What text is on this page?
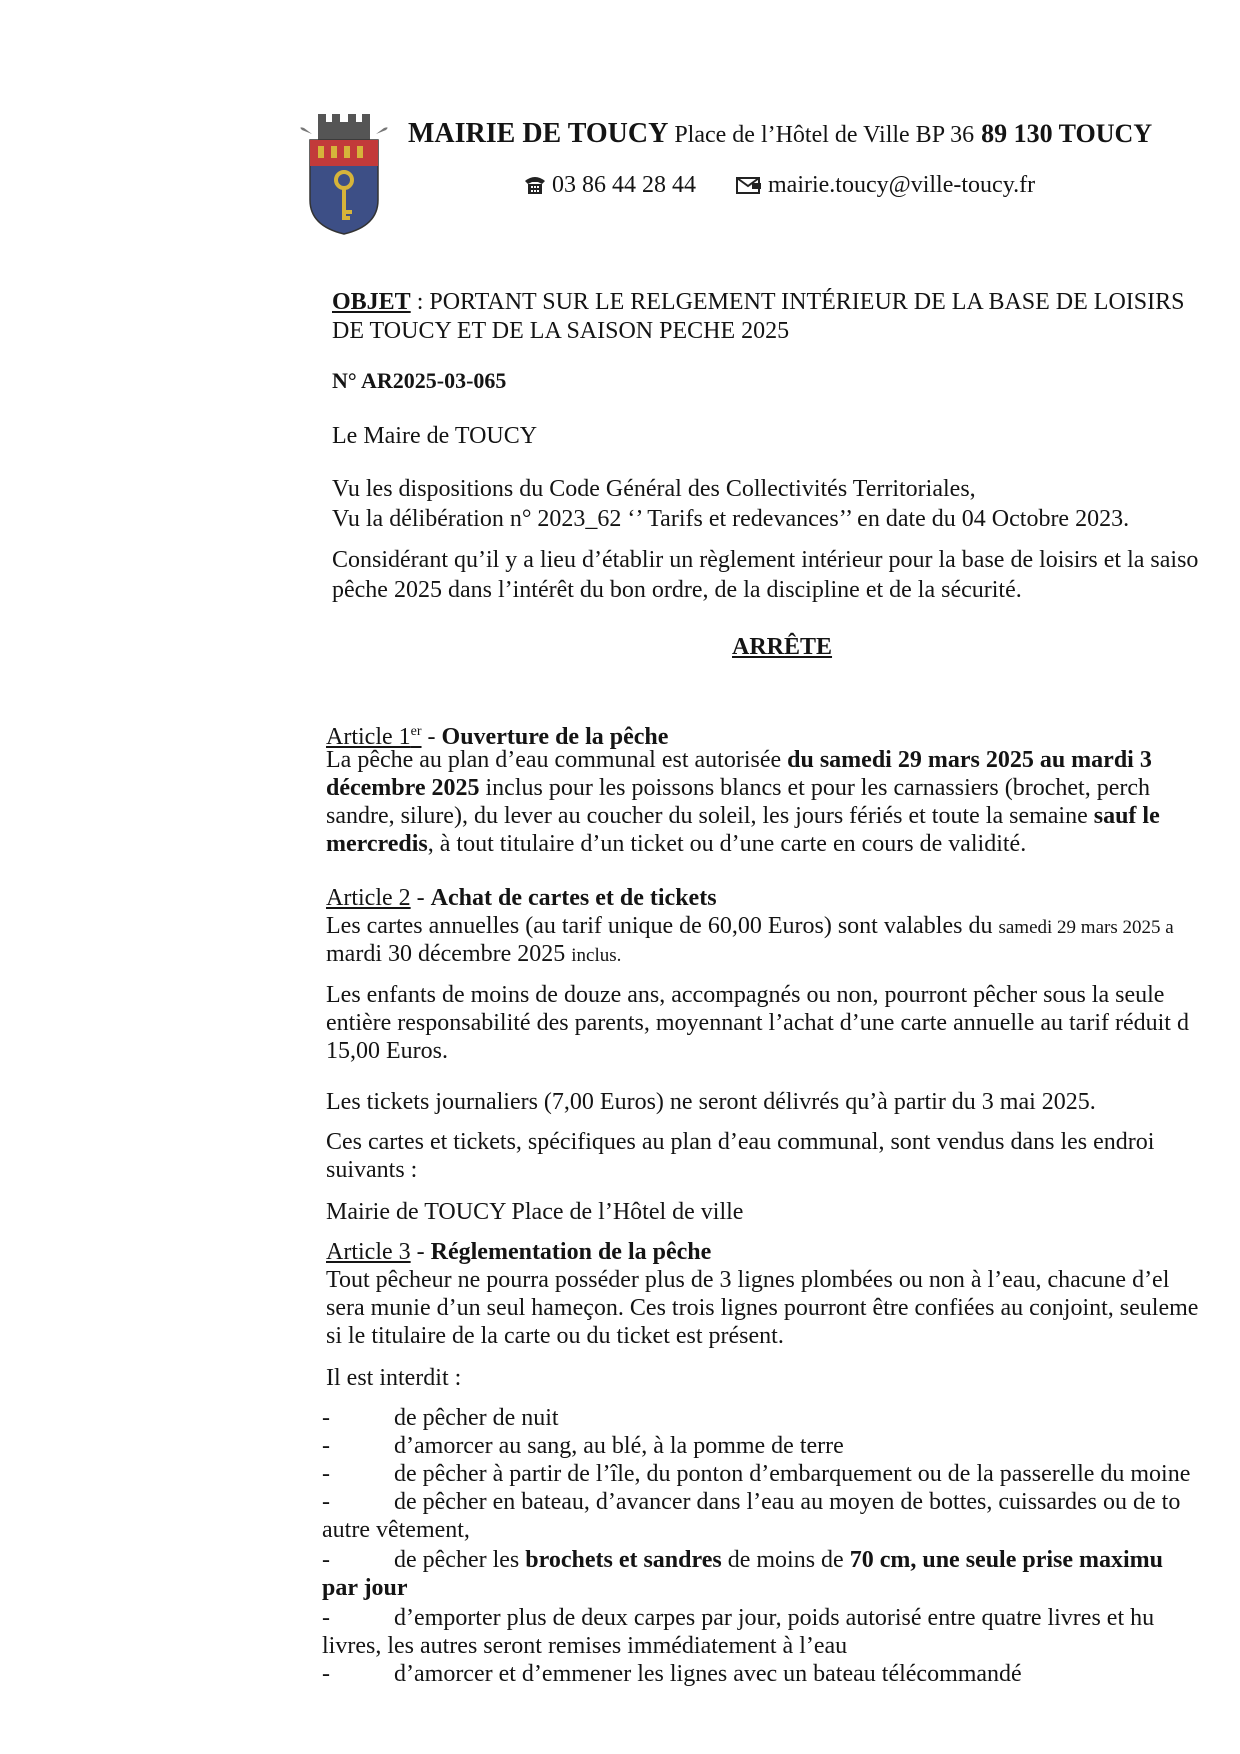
MAIRIE DE TOUCY Place de l’Hôtel de Ville BP 36 89 130 TOUCY
03 86 44 28 44	mairie.toucy@ville-toucy.fr
OBJET : PORTANT SUR LE RELGEMENT INTÉRIEUR DE LA BASE DE LOISIRS
DE TOUCY ET DE LA SAISON PECHE 2025
N° AR2025-03-065
Le Maire de TOUCY
Vu les dispositions du Code Général des Collectivités Territoriales,
Vu la délibération n° 2023_62 ‘’ Tarifs et redevances’’ en date du 04 Octobre 2023.
Considérant qu’il y a lieu d’établir un règlement intérieur pour la base de loisirs et la saiso
pêche 2025 dans l’intérêt du bon ordre, de la discipline et de la sécurité.
ARRÊTE
Article 1er - Ouverture de la pêche
La pêche au plan d’eau communal est autorisée du samedi 29 mars 2025 au mardi 3
décembre 2025 inclus pour les poissons blancs et pour les carnassiers (brochet, perch
sandre, silure), du lever au coucher du soleil, les jours fériés et toute la semaine sauf le
mercredis, à tout titulaire d’un ticket ou d’une carte en cours de validité.
Article 2 - Achat de cartes et de tickets
Les cartes annuelles (au tarif unique de 60,00 Euros) sont valables du samedi 29 mars 2025 a
mardi 30 décembre 2025 inclus.
Les enfants de moins de douze ans, accompagnés ou non, pourront pêcher sous la seule
entière responsabilité des parents, moyennant l’achat d’une carte annuelle au tarif réduit d
15,00 Euros.
Les tickets journaliers (7,00 Euros) ne seront délivrés qu’à partir du 3 mai 2025.
Ces cartes et tickets, spécifiques au plan d’eau communal, sont vendus dans les endroi
suivants :
Mairie de TOUCY Place de l’Hôtel de ville
Article 3 - Réglementation de la pêche
Tout pêcheur ne pourra posséder plus de 3 lignes plombées ou non à l’eau, chacune d’el
sera munie d’un seul hameçon. Ces trois lignes pourront être confiées au conjoint, seuleme
si le titulaire de la carte ou du ticket est présent.
Il est interdit :
-	de pêcher de nuit
-	d’amorcer au sang, au blé, à la pomme de terre
-	de pêcher à partir de l’île, du ponton d’embarquement ou de la passerelle du moine
-	de pêcher en bateau, d’avancer dans l’eau au moyen de bottes, cuissardes ou de to
autre vêtement,
-	de pêcher les brochets et sandres de moins de 70 cm, une seule prise maximu
par jour
-	d’emporter plus de deux carpes par jour, poids autorisé entre quatre livres et hu
livres, les autres seront remises immédiatement à l’eau
-	d’amorcer et d’emmener les lignes avec un bateau télécommandé
